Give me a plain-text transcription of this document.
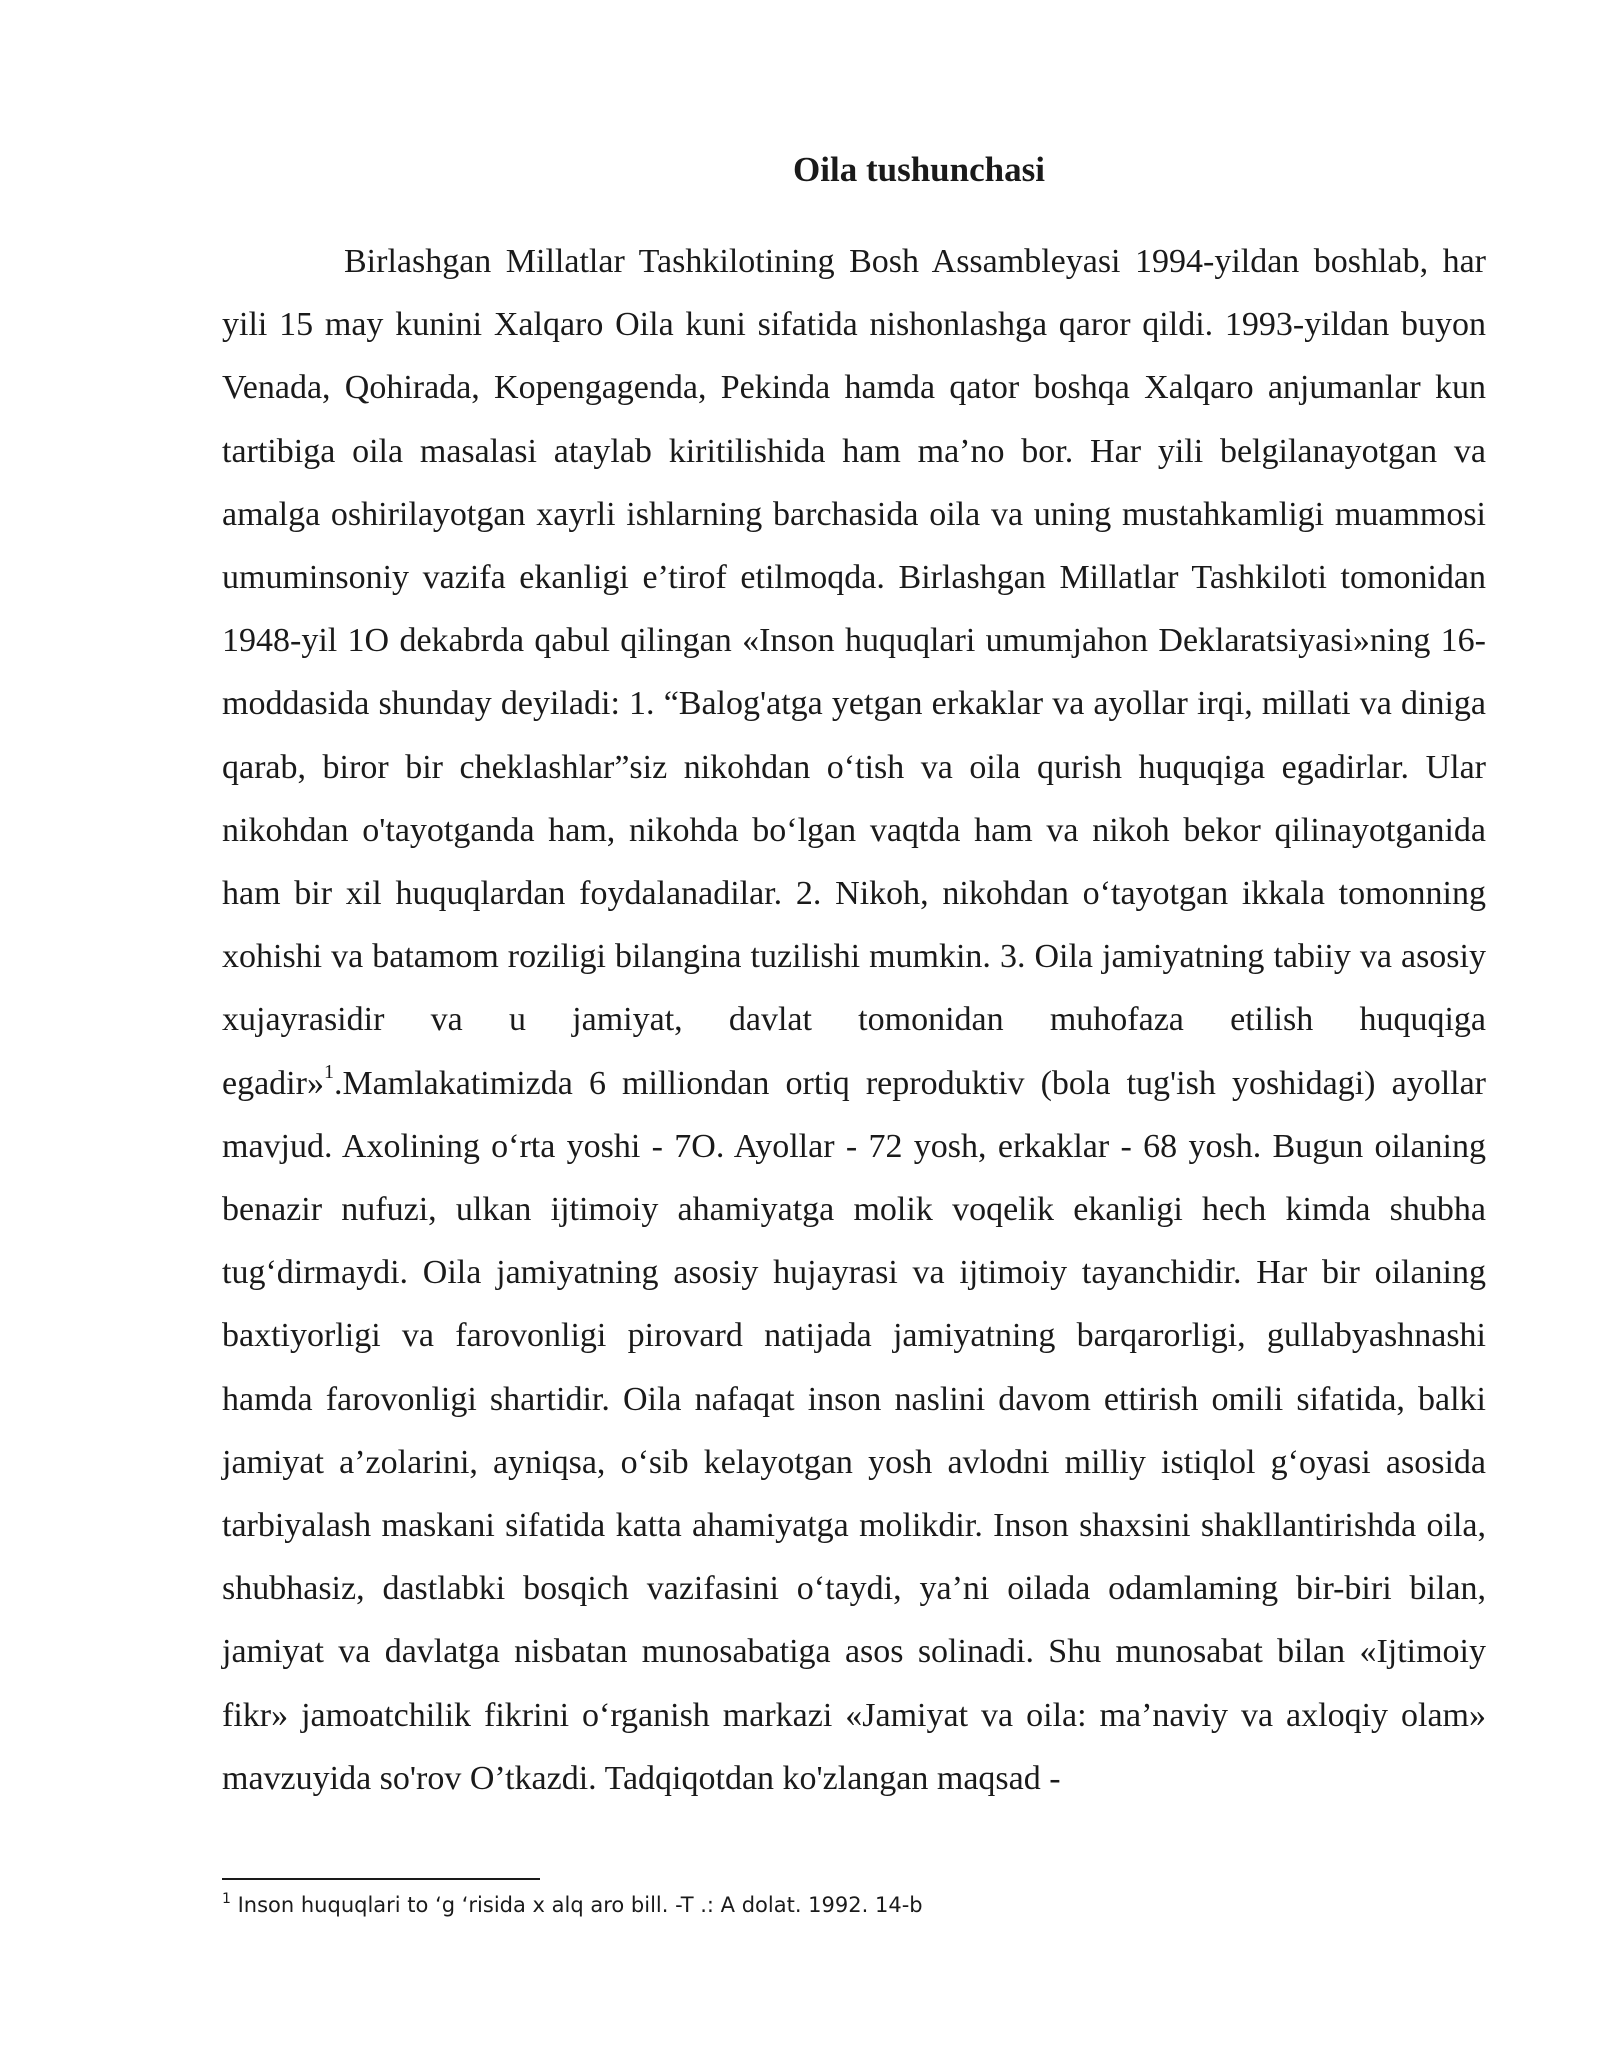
Oila tushunchasi

Birlashgan Millatlar Tashkilotining Bosh Assambleyasi 1994-yildan boshlab, har yili 15 may kunini Xalqaro Oila kuni sifatida nishonlashga qaror qildi. 1993-yildan buyon Venada, Qohirada, Kopengagenda, Pekinda hamda qator boshqa Xalqaro anjumanlar kun tartibiga oila masalasi ataylab kiritilishida ham ma’no bor. Har yili belgilanayotgan va amalga oshirilayotgan xayrli ishlarning barchasida oila va uning mustahkamligi muammosi umuminsoniy vazifa ekanligi e’tirof etilmoqda. Birlashgan Millatlar Tashkiloti tomonidan 1948-yil 1O dekabrda qabul qilingan «Inson huquqlari umumjahon Deklaratsiyasi»ning 16- moddasida shunday deyiladi: 1. “Balog'atga yetgan erkaklar va ayollar irqi, millati va diniga qarab, biror bir cheklashlar”siz nikohdan o‘tish va oila qurish huquqiga egadirlar. Ular nikohdan o'tayotganda ham, nikohda bo‘lgan vaqtda ham va nikoh bekor qilinayotganida ham bir xil huquqlardan foydalanadilar. 2. Nikoh, nikohdan o‘tayotgan ikkala tomonning xohishi va batamom roziligi bilangina tuzilishi mumkin. 3. Oila jamiyatning tabiiy va asosiy xujayrasidir va u jamiyat, davlat tomonidan muhofaza etilish huquqiga egadir»$^1$.Mamlakatimizda 6 milliondan ortiq reproduktiv (bola tug'ish yoshidagi) ayollar mavjud. Axolining o‘rta yoshi - 7O. Ayollar - 72 yosh, erkaklar - 68 yosh. Bugun oilaning benazir nufuzi, ulkan ijtimoiy ahamiyatga molik voqelik ekanligi hech kimda shubha tug‘dirmaydi. Oila jamiyatning asosiy hujayrasi va ijtimoiy tayanchidir. Har bir oilaning baxtiyorligi va farovonligi pirovard natijada jamiyatning barqarorligi, gullabyashnashi hamda farovonligi shartidir. Oila nafaqat inson naslini davom ettirish omili sifatida, balki jamiyat a’zolarini, ayniqsa, o‘sib kelayotgan yosh avlodni milliy istiqlol g‘oyasi asosida tarbiyalash maskani sifatida katta ahamiyatga molikdir. Inson shaxsini shakllantirishda oila, shubhasiz, dastlabki bosqich vazifasini o‘taydi, ya’ni oilada odamlaming bir-biri bilan, jamiyat va davlatga nisbatan munosabatiga asos solinadi. Shu munosabat bilan «Ijtimoiy fikr» jamoatchilik fikrini o‘rganish markazi «Jamiyat va oila: ma’naviy va axloqiy olam» mavzuyida so'rov O’tkazdi. Tadqiqotdan ko'zlangan maqsad -

$^1$ Inson huquqlari to ‘g ‘risida x alq aro bill. -T .: A dolat. 1992. 14-b
